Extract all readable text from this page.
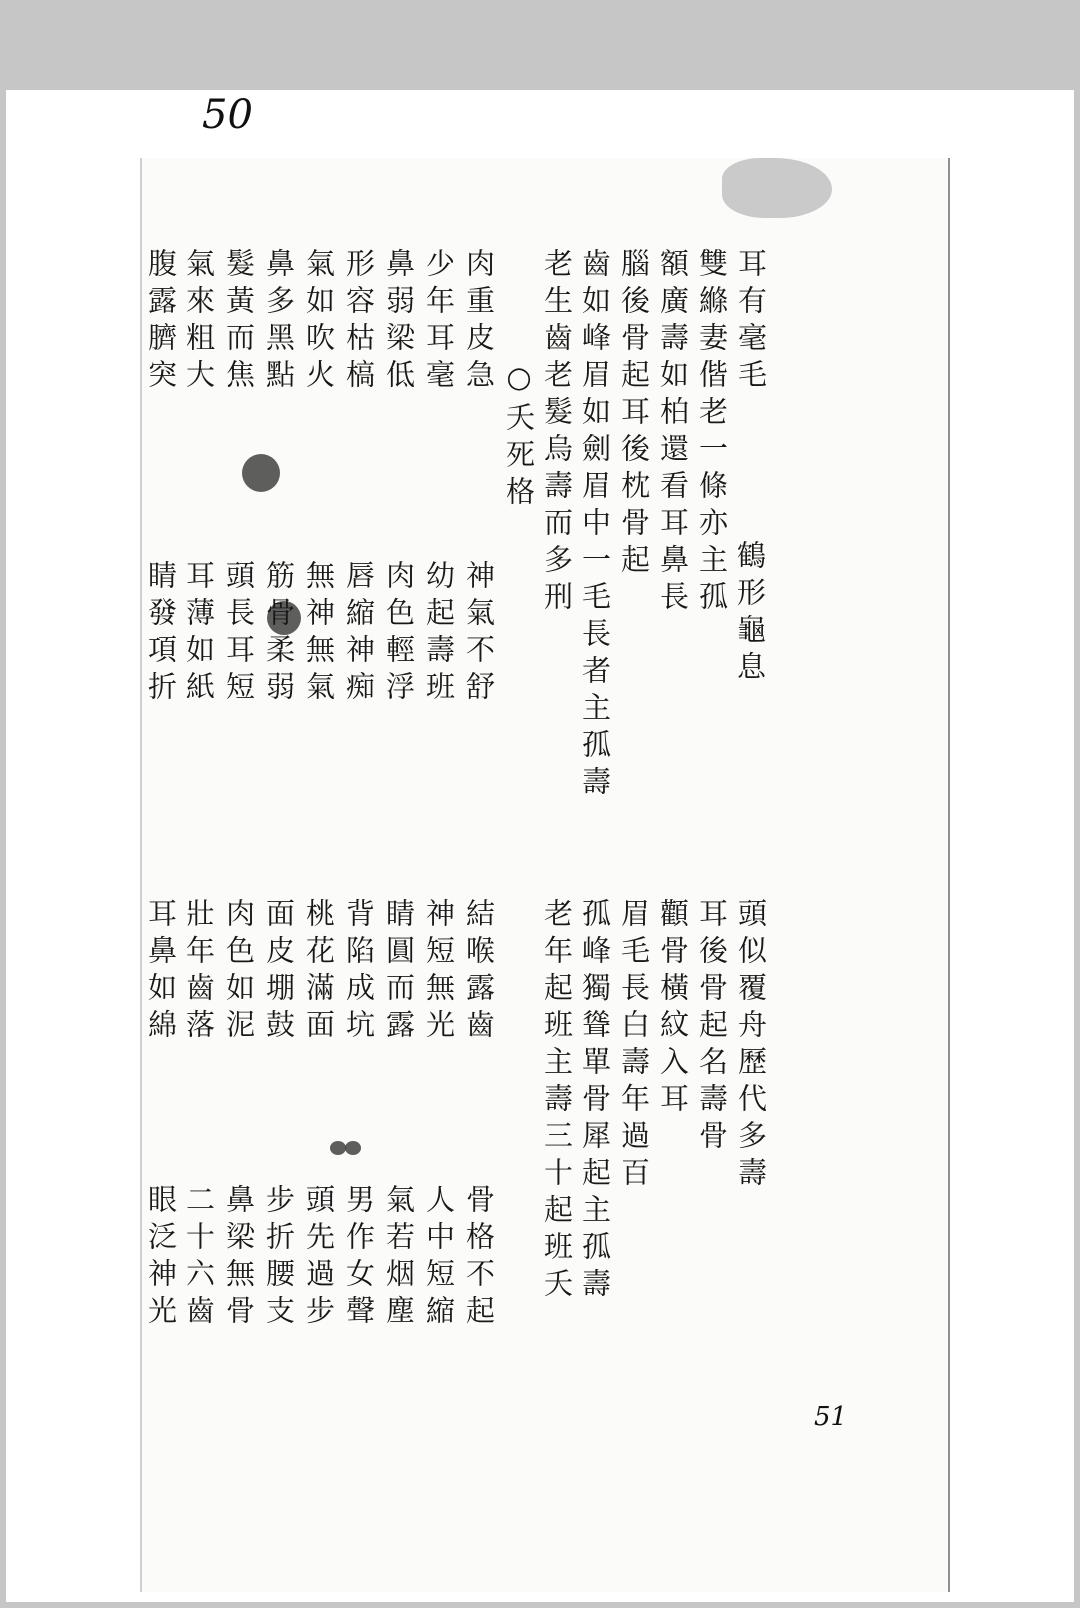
50
耳有毫毛
雙縧妻偕老一條亦主孤
額廣壽如柏還看耳鼻長
腦後骨起耳後枕骨起
齒如峰眉如劍眉中一毛長者主孤壽
老生齒老髮烏壽而多刑
○夭死格
鶴形龜息
肉重皮急
少年耳毫
鼻弱梁低
形容枯槁
氣如吹火
鼻多黑點
髮黃而焦
氣來粗大
腹露臍突
神氣不舒
幼起壽班
肉色輕浮
唇縮神痴
無神無氣
筋骨柔弱
頭長耳短
耳薄如紙
睛發項折
頭似覆舟歷代多壽
耳後骨起名壽骨
顴骨橫紋入耳
眉毛長白壽年過百
孤峰獨聳單骨犀起主孤壽
老年起班主壽三十起班夭
結喉露齒
神短無光
睛圓而露
背陷成坑
桃花滿面
面皮堋鼓
肉色如泥
壯年齒落
耳鼻如綿
骨格不起
人中短縮
氣若烟塵
男作女聲
頭先過步
步折腰支
鼻梁無骨
二十六齒
眼泛神光
51
